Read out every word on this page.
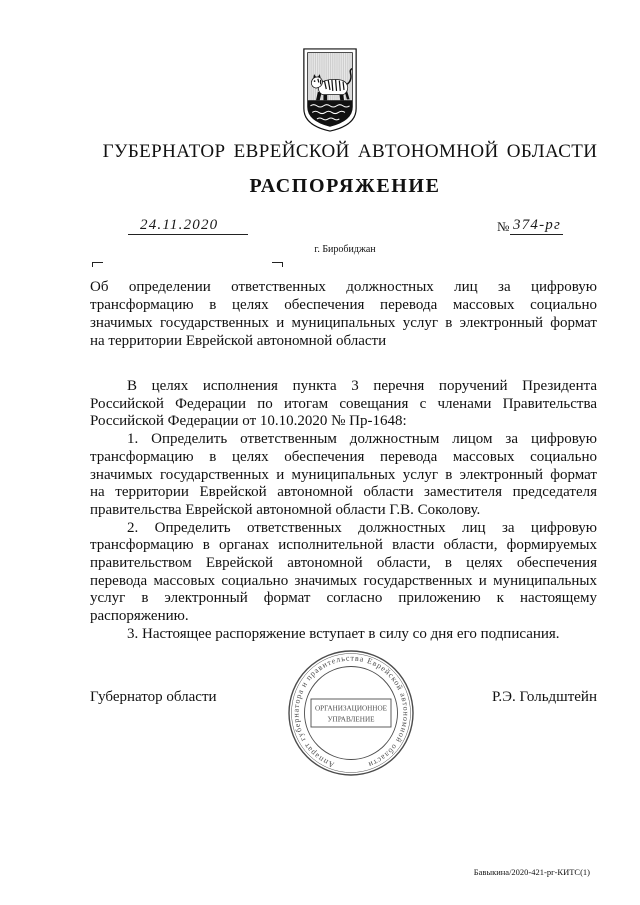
ГУБЕРНАТОР ЕВРЕЙСКОЙ АВТОНОМНОЙ ОБЛАСТИ
РАСПОРЯЖЕНИЕ
24.11.2020	№ 374-рг
г. Биробиджан
Об определении ответственных должностных лиц за цифровую
трансформацию в целях обеспечения перевода массовых социально
значимых государственных и муниципальных услуг в электронный формат
на территории Еврейской автономной области
В целях исполнения пункта 3 перечня поручений Президента
Российской Федерации по итогам совещания с членами Правительства
Российской Федерации от 10.10.2020 № Пр-1648:
1. Определить ответственным должностным лицом за цифровую
трансформацию в целях обеспечения перевода массовых социально
значимых государственных и муниципальных услуг в электронный формат
на территории Еврейской автономной области заместителя председателя
правительства Еврейской автономной области Г.В. Соколову.
2. Определить ответственных должностных лиц за цифровую
трансформацию в органах исполнительной власти области, формируемых
правительством Еврейской автономной области, в целях обеспечения
перевода массовых социально значимых государственных и муниципальных
услуг в электронный формат согласно приложению к настоящему
распоряжению.
3. Настоящее распоряжение вступает в силу со дня его подписания.
Губернатор области
Аппарат губернатора и правительства Еврейской автономной области
ОРГАНИЗАЦИОННОЕ
УПРАВЛЕНИЕ
Р.Э. Гольдштейн
Бавыкина/2020-421-рг-КИТС(1)
